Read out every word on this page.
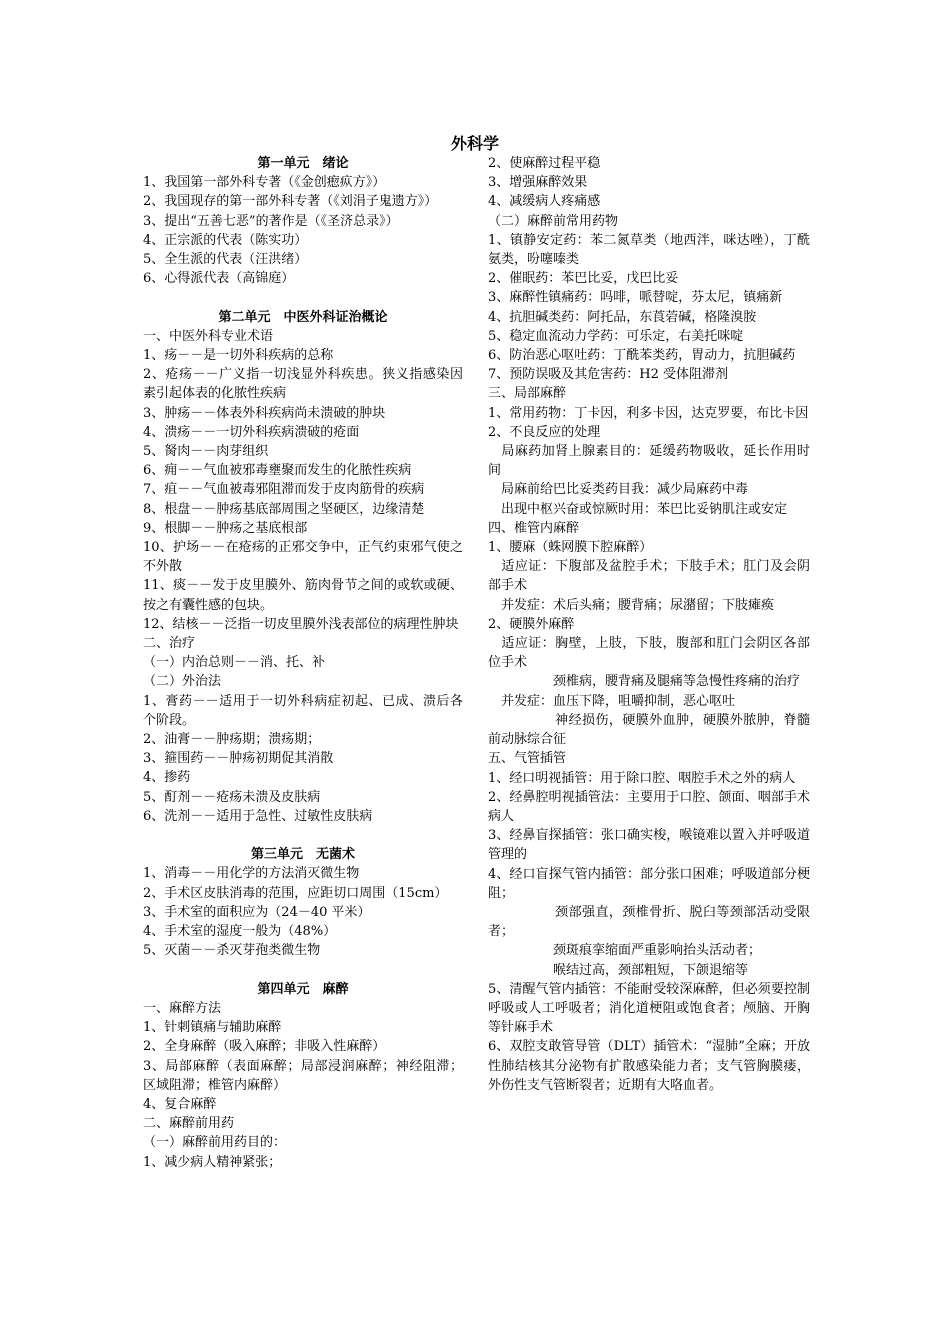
外科学

第一单元　绪论

1、我国第一部外科专著（《金创瘛疭方》）

2、我国现存的第一部外科专著（《刘涓子鬼遗方》）

3、提出“五善七恶”的著作是（《圣济总录》）

4、正宗派的代表（陈实功）

5、全生派的代表（汪洪绪）

6、心得派代表（高锦庭）

第二单元　中医外科证治概论

一、中医外科专业术语

1、疡－－是一切外科疾病的总称

2、疮疡－－广义指一切浅显外科疾患。狭义指感染因素引起体表的化脓性疾病

3、肿疡－－体表外科疾病尚未溃破的肿块

4、溃疡－－一切外科疾病溃破的疮面

5、胬肉－－肉芽组织

6、痈－－气血被邪毒壅聚而发生的化脓性疾病

7、疽－－气血被毒邪阻滞而发于皮肉筋骨的疾病

8、根盘－－肿疡基底部周围之坚硬区，边缘清楚

9、根脚－－肿疡之基底根部

10、护场－－在疮疡的正邪交争中，正气约束邪气使之不外散

11、痰－－发于皮里膜外、筋肉骨节之间的或软或硬、按之有囊性感的包块。

12、结核－－泛指一切皮里膜外浅表部位的病理性肿块

二、治疗

（一）内治总则－－消、托、补

（二）外治法

1、膏药－－适用于一切外科病症初起、已成、溃后各个阶段。

2、油膏－－肿疡期；溃疡期；

3、箍围药－－肿疡初期促其消散

4、掺药

5、酊剂－－疮疡未溃及皮肤病

6、洗剂－－适用于急性、过敏性皮肤病

第三单元　无菌术

1、消毒－－用化学的方法消灭微生物

2、手术区皮肤消毒的范围，应距切口周围（15cm）

3、手术室的面积应为（24－40 平米）

4、手术室的湿度一般为（48%）

5、灭菌－－杀灭芽孢类微生物

第四单元　麻醉

一、麻醉方法

1、针刺镇痛与辅助麻醉

2、全身麻醉（吸入麻醉；非吸入性麻醉）

3、局部麻醉（表面麻醉；局部浸润麻醉；神经阻滞；区域阻滞；椎管内麻醉）

4、复合麻醉

二、麻醉前用药

（一）麻醉前用药目的：

1、减少病人精神紧张；

2、使麻醉过程平稳

3、增强麻醉效果

4、减缓病人疼痛感

（二）麻醉前常用药物

1、镇静安定药：苯二氮草类（地西泮，咪达唑），丁酰氨类，吩噻嗪类

2、催眠药：苯巴比妥，戊巴比妥

3、麻醉性镇痛药：吗啡，哌替啶，芬太尼，镇痛新

4、抗胆碱类药：阿托品，东莨菪碱，格隆溴胺

5、稳定血流动力学药：可乐定，右美托咪啶

6、防治恶心呕吐药：丁酰苯类药，胃动力，抗胆碱药

7、预防误吸及其危害药：H2 受体阻滞剂

三、局部麻醉

1、常用药物：丁卡因，利多卡因，达克罗要，布比卡因

2、不良反应的处理

　局麻药加肾上腺素目的：延缓药物吸收，延长作用时间

　局麻前给巴比妥类药目我：减少局麻药中毒

　出现中枢兴奋或惊厥时用：苯巴比妥钠肌注或安定

四、椎管内麻醉

1、腰麻（蛛网膜下腔麻醉）

　适应证：下腹部及盆腔手术；下肢手术；肛门及会阴部手术

　并发症：术后头痛；腰背痛；尿潴留；下肢瘫痪

2、硬膜外麻醉

　适应证：胸壁，上肢，下肢，腹部和肛门会阴区各部位手术

　　　　　颈椎病，腰背痛及腿痛等急慢性疼痛的治疗

　并发症：血压下降，咀嚼抑制，恶心呕吐

　　　　　神经损伤，硬膜外血肿，硬膜外脓肿，脊髓前动脉综合征

五、气管插管

1、经口明视插管：用于除口腔、咽腔手术之外的病人

2、经鼻腔明视插管法：主要用于口腔、颌面、咽部手术病人

3、经鼻盲探插管：张口确实梭，喉镜难以置入并呼吸道管理的

4、经口盲探气管内插管：部分张口困难；呼吸道部分梗阻；

　　　　　颈部强直，颈椎骨折、脱臼等颈部活动受限者；

　　　　　颈斑痕挛缩面严重影响抬头活动者；

　　　　　喉结过高，颈部粗短，下颌退缩等

5、清醒气管内插管：不能耐受较深麻醉，但必须要控制呼吸或人工呼吸者；消化道梗阻或饱食者；颅脑、开胸等针麻手术

6、双腔支敢管导管（DLT）插管术：“湿肺”全麻；开放性肺结核其分泌物有扩散感染能力者；支气管胸膜瘘，外伤性支气管断裂者；近期有大咯血者。
